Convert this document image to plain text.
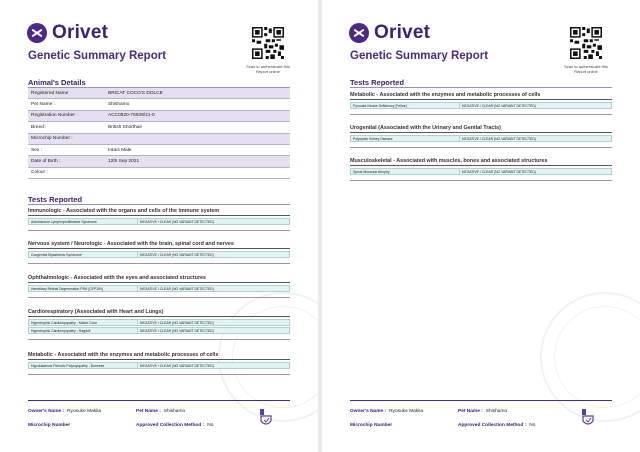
Orivet
Genetic Summary Report
Scan to authenticate this Report online
Animal's Details
Registered Name	BRICAT COCO'S DOLCE
Pet Name :	Shishamo
Registration Number :	ACC0820-75939/21-0
Breed :	British Shorthair
Microchip Number :
Sex :	Intact Male
Date of Birth :	12th Sep 2021
Colour :
Tests Reported
Immunologic - Associated with the organs and cells of the immune system
Autoimmune Lymphoproliferative Syndrome	NEGATIVE / CLEAR (NO VARIANT DETECTED)
Nervous system / Neurologic - Associated with the brain, spinal cord and nerves
Congenital Myasthenic Syndrome	NEGATIVE / CLEAR (NO VARIANT DETECTED)
Ophthalmologic - Associated with the eyes and associated structures
Hereditary Retinal Degeneration PRA (CEP290)	NEGATIVE / CLEAR (NO VARIANT DETECTED)
Cardiorespiratory (Associated with Heart and Lungs)
Hypertrophic Cardiomyopathy - Maine Coon	NEGATIVE / CLEAR (NO VARIANT DETECTED)
Hypertrophic Cardiomyopathy - Ragdoll	NEGATIVE / CLEAR (NO VARIANT DETECTED)
Metabolic - Associated with the enzymes and metabolic processes of cells
Hypokalaemic Periodic Polymyopathy - Burmese	NEGATIVE / CLEAR (NO VARIANT DETECTED)
Owner's Name : Ryosuke Makita	Pet Name : Shishamo
Microchip Number	Approved Collection Method : No
Orivet
Genetic Summary Report
Scan to authenticate this Report online
Tests Reported
Metabolic - Associated with the enzymes and metabolic processes of cells
Pyruvate Kinase Deficiency (Feline)	NEGATIVE / CLEAR (NO VARIANT DETECTED)
Urogenital (Associated with the Urinary and Genital Tracts)
Polycystic Kidney Disease	NEGATIVE / CLEAR (NO VARIANT DETECTED)
Musculoskeletal - Associated with muscles, bones and associated structures
Spinal Muscular Atrophy	NEGATIVE / CLEAR (NO VARIANT DETECTED)
Owner's Name : Ryosuke Makita	Pet Name : Shishamo
Microchip Number	Approved Collection Method : No
